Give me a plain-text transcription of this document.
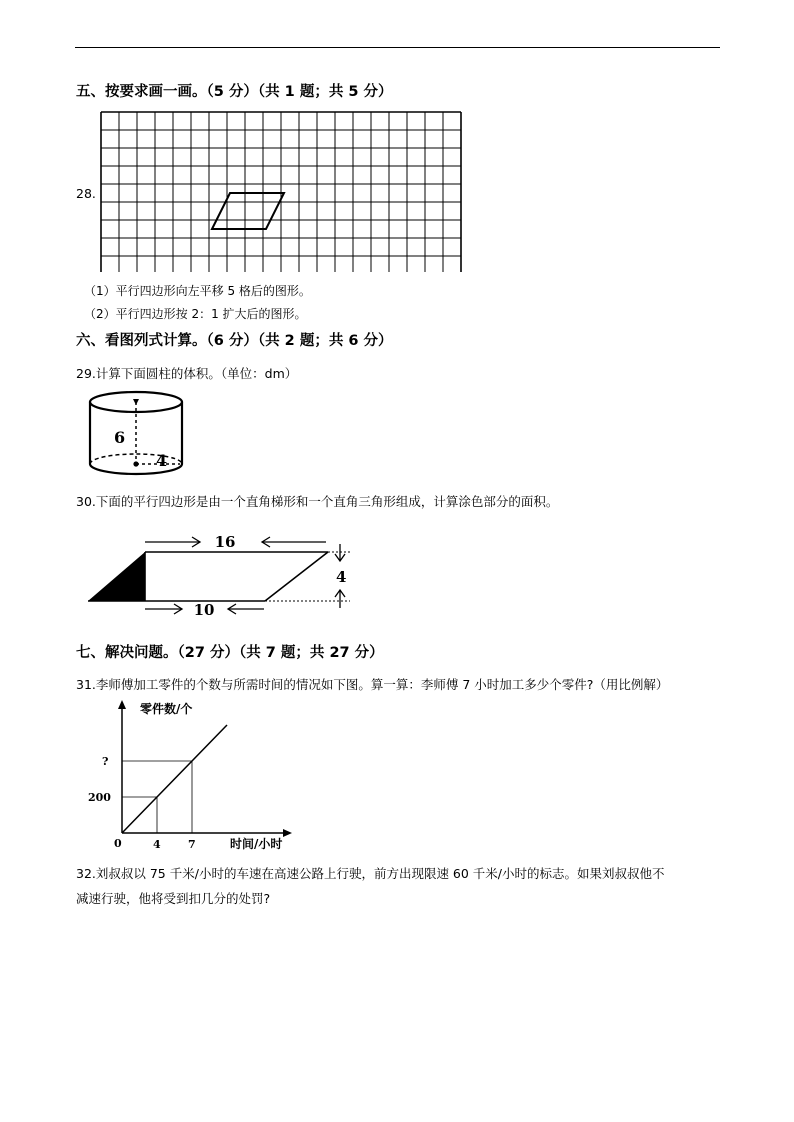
五、按要求画一画。（5 分）（共 1 题；共 5 分）
28.
（1）平行四边形向左平移 5 格后的图形。
（2）平行四边形按 2：1 扩大后的图形。
六、看图列式计算。（6 分）（共 2 题；共 6 分）
29.计算下面圆柱的体积。（单位：dm）
6
4
30.下面的平行四边形是由一个直角梯形和一个直角三角形组成，计算涂色部分的面积。
16
10
4
七、解决问题。（27 分）（共 7 题；共 27 分）
31.李师傅加工零件的个数与所需时间的情况如下图。算一算：李师傅 7 小时加工多少个零件?（用比例解）
零件数/个
时间/小时
0	4 7
200
?
32.刘叔叔以 75 千米/小时的车速在高速公路上行驶，前方出现限速 60 千米/小时的标志。如果刘叔叔他不
减速行驶，他将受到扣几分的处罚?
